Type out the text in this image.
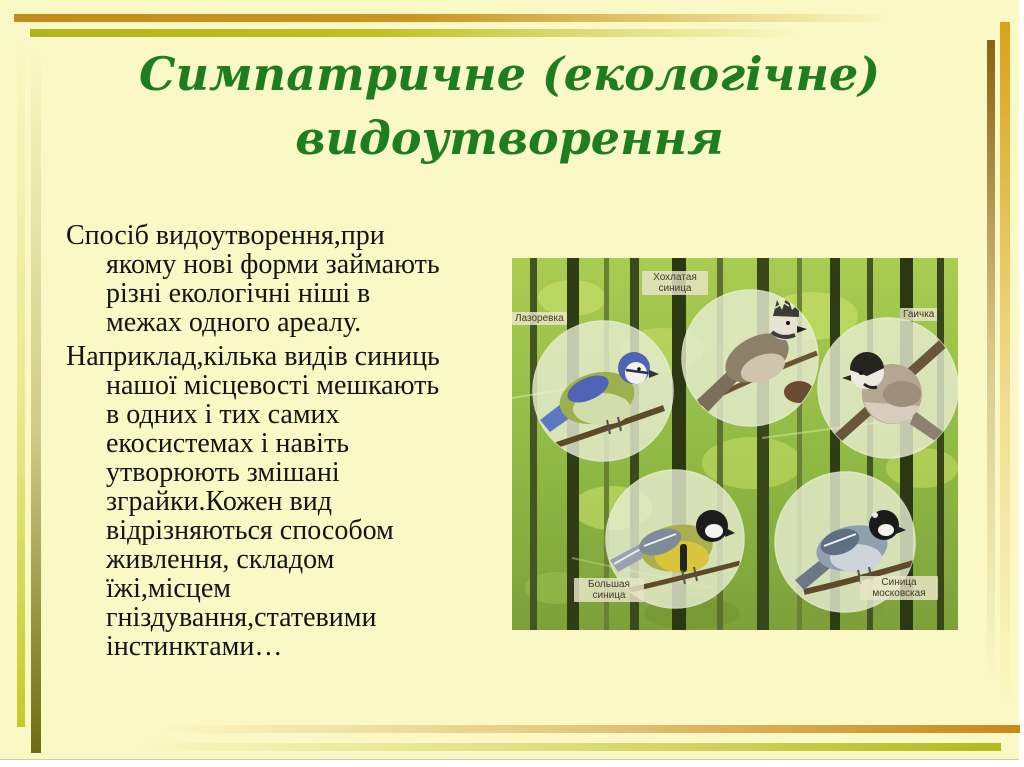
Симпатричне (екологічне)
видоутворення

Спосіб видоутворення,при якому нові форми займають різні екологічні ніші в межах одного ареалу.

Наприклад,кілька видів синиць нашої місцевості мешкають в одних і тих самих екосистемах і навіть утворюють змішані зграйки.Кожен вид відрізняються способом живлення, складом їжі,місцем гніздування,статевими інстинктами…

Лазоревка
Хохлатая синица
Гаичка
Большая синица
Синица московская
